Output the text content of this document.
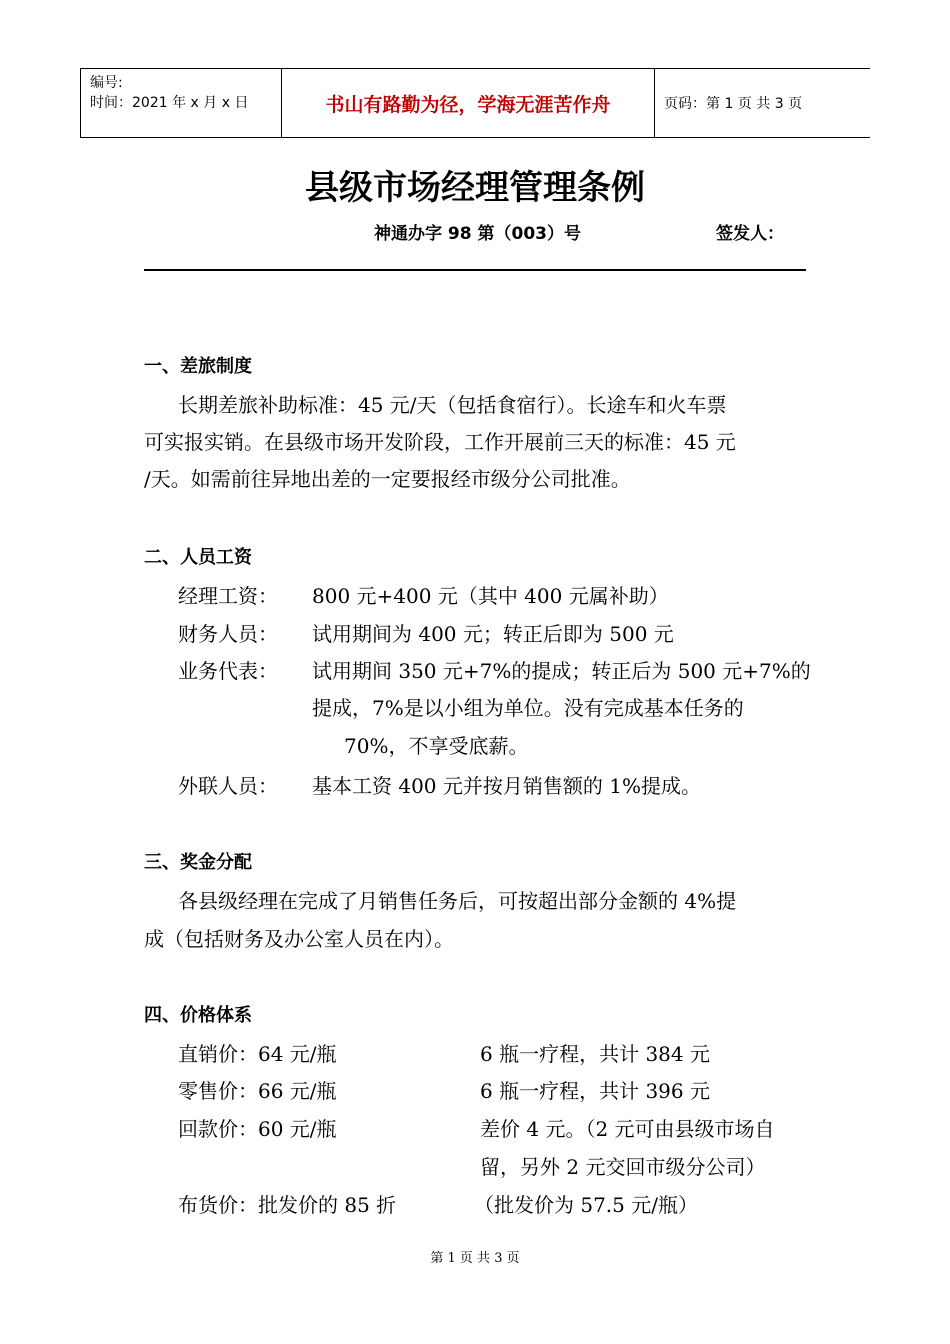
编号:
时间：2021 年 x 月 x 日	书山有路勤为径，学海无涯苦作舟	页码：第 1 页 共 3 页
县级市场经理管理条例
神通办字 98 第（003）号	签发人：
一、差旅制度
长期差旅补助标准：45 元/天（包括食宿行）。长途车和火车票
可实报实销。在县级市场开发阶段，工作开展前三天的标准：45 元
/天。如需前往异地出差的一定要报经市级分公司批准。
二、人员工资
经理工资： 800 元+400 元（其中 400 元属补助）
财务人员： 试用期间为 400 元；转正后即为 500 元
业务代表： 试用期间 350 元+7%的提成；转正后为 500 元+7%的
提成，7%是以小组为单位。没有完成基本任务的
70%，不享受底薪。
外联人员： 基本工资 400 元并按月销售额的 1%提成。
三、奖金分配
各县级经理在完成了月销售任务后，可按超出部分金额的 4%提
成（包括财务及办公室人员在内）。
四、价格体系
直销价：64 元/瓶	6 瓶一疗程，共计 384 元
零售价：66 元/瓶	6 瓶一疗程，共计 396 元
回款价：60 元/瓶	差价 4 元。（2 元可由县级市场自
留，另外 2 元交回市级分公司）
布货价：批发价的 85 折	（批发价为 57.5 元/瓶）
第 1 页 共 3 页
